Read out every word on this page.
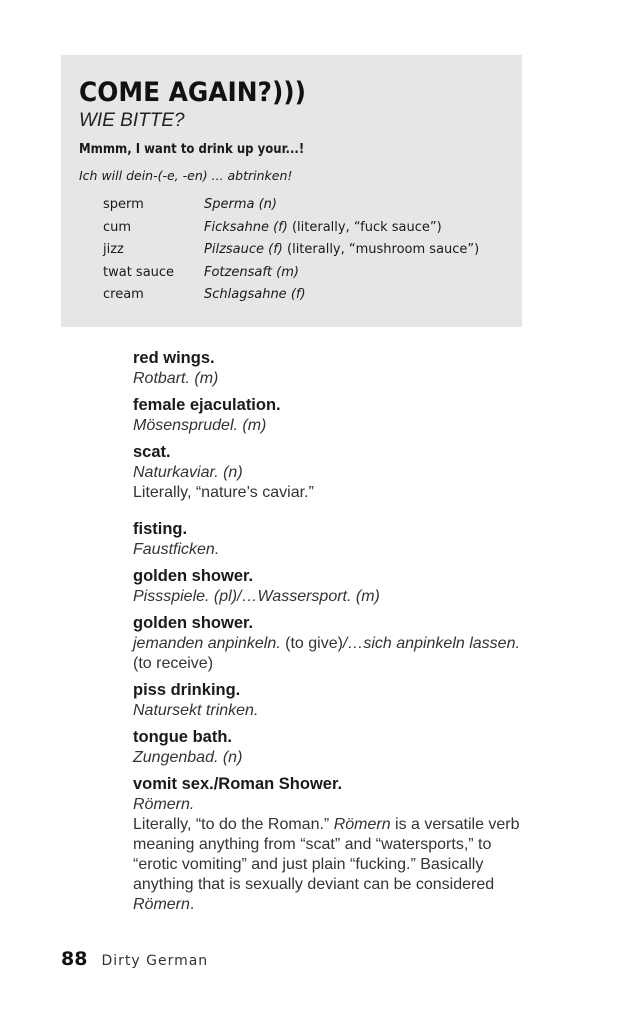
COME AGAIN?)))
WIE BITTE?
Mmmm, I want to drink up your...!
Ich will dein-(-e, -en) ... abtrinken!
sperm	Sperma (n)
cum	Ficksahne (f) (literally, “fuck sauce”)
jizz	Pilzsauce (f) (literally, “mushroom sauce”)
twat sauce	Fotzensaft (m)
cream	Schlagsahne (f)
red wings.
Rotbart. (m)
female ejaculation.
Mösensprudel. (m)
scat.
Naturkaviar. (n)
Literally, “nature’s caviar.”
fisting.
Faustficken.
golden shower.
Pissspiele. (pl)/…Wassersport. (m)
golden shower.
jemanden anpinkeln. (to give)/…sich anpinkeln lassen. (to receive)
piss drinking.
Natursekt trinken.
tongue bath.
Zungenbad. (n)
vomit sex./Roman Shower.
Römern.
Literally, “to do the Roman.” Römern is a versatile verb meaning anything from “scat” and “watersports,” to “erotic vomiting” and just plain “fucking.” Basically anything that is sexually deviant can be considered Römern.
88 Dirty German
